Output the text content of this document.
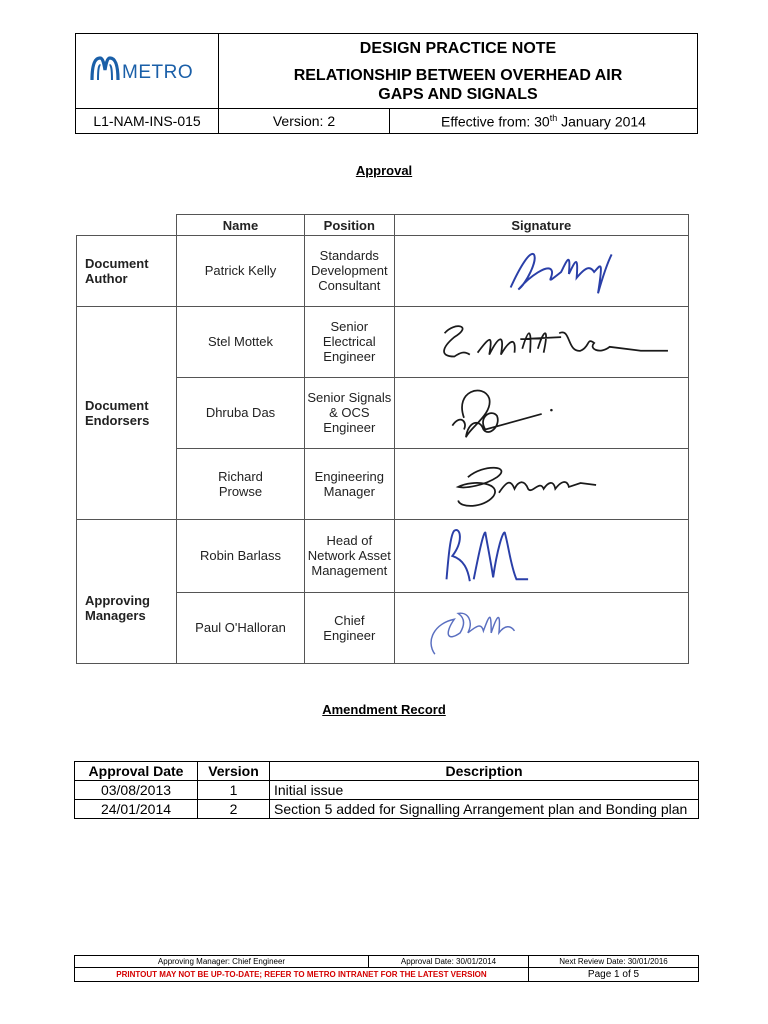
METRO	DESIGN PRACTICE NOTE
RELATIONSHIP BETWEEN OVERHEAD AIR GAPS AND SIGNALS	

L1-NAM-INS-015	Version: 2	Effective from: 30th January 2014
Approval
	Name	Position	Signature
Document Author	Patrick Kelly	Standards Development Consultant	

Document Endorsers	Stel Mottek	Senior Electrical Engineer	

	Dhruba Das	Senior Signals & OCS Engineer	

	Richard Prowse	Engineering Manager	

Approving Managers	Robin Barlass	Head of Network Asset Management	

	Paul O'Halloran	Chief Engineer	
Amendment Record
Approval Date	Version	Description
03/08/2013	1	Initial issue
24/01/2014	2	Section 5 added for Signalling Arrangement plan and Bonding plan
Approving Manager: Chief Engineer	Approval Date: 30/01/2014	Next Review Date: 30/01/2016
PRINTOUT MAY NOT BE UP-TO-DATE; REFER TO METRO INTRANET FOR THE LATEST VERSION		Page 1 of 5
